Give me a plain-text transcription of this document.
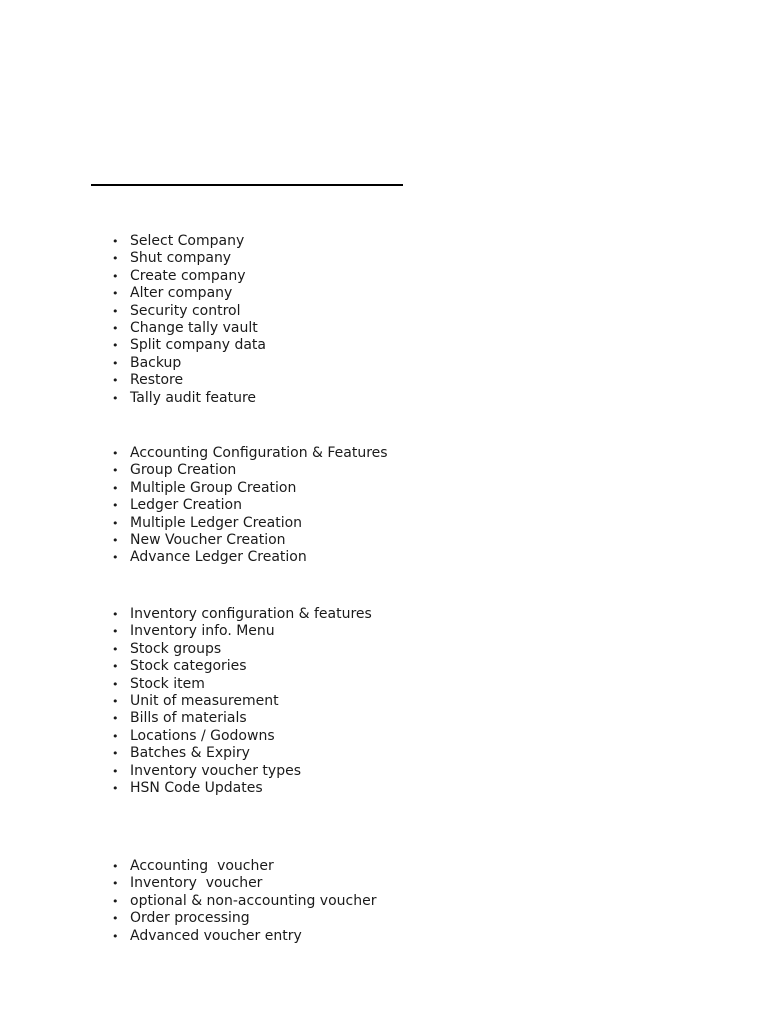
• Select Company
• Shut company
• Create company
• Alter company
• Security control
• Change tally vault
• Split company data
• Backup
• Restore
• Tally audit feature
• Accounting Configuration & Features
• Group Creation
• Multiple Group Creation
• Ledger Creation
• Multiple Ledger Creation
• New Voucher Creation
• Advance Ledger Creation
• Inventory configuration & features
• Inventory info. Menu
• Stock groups
• Stock categories
• Stock item
• Unit of measurement
• Bills of materials
• Locations / Godowns
• Batches & Expiry
• Inventory voucher types
• HSN Code Updates
• Accounting  voucher
• Inventory  voucher
• optional & non-accounting voucher
• Order processing
• Advanced voucher entry
